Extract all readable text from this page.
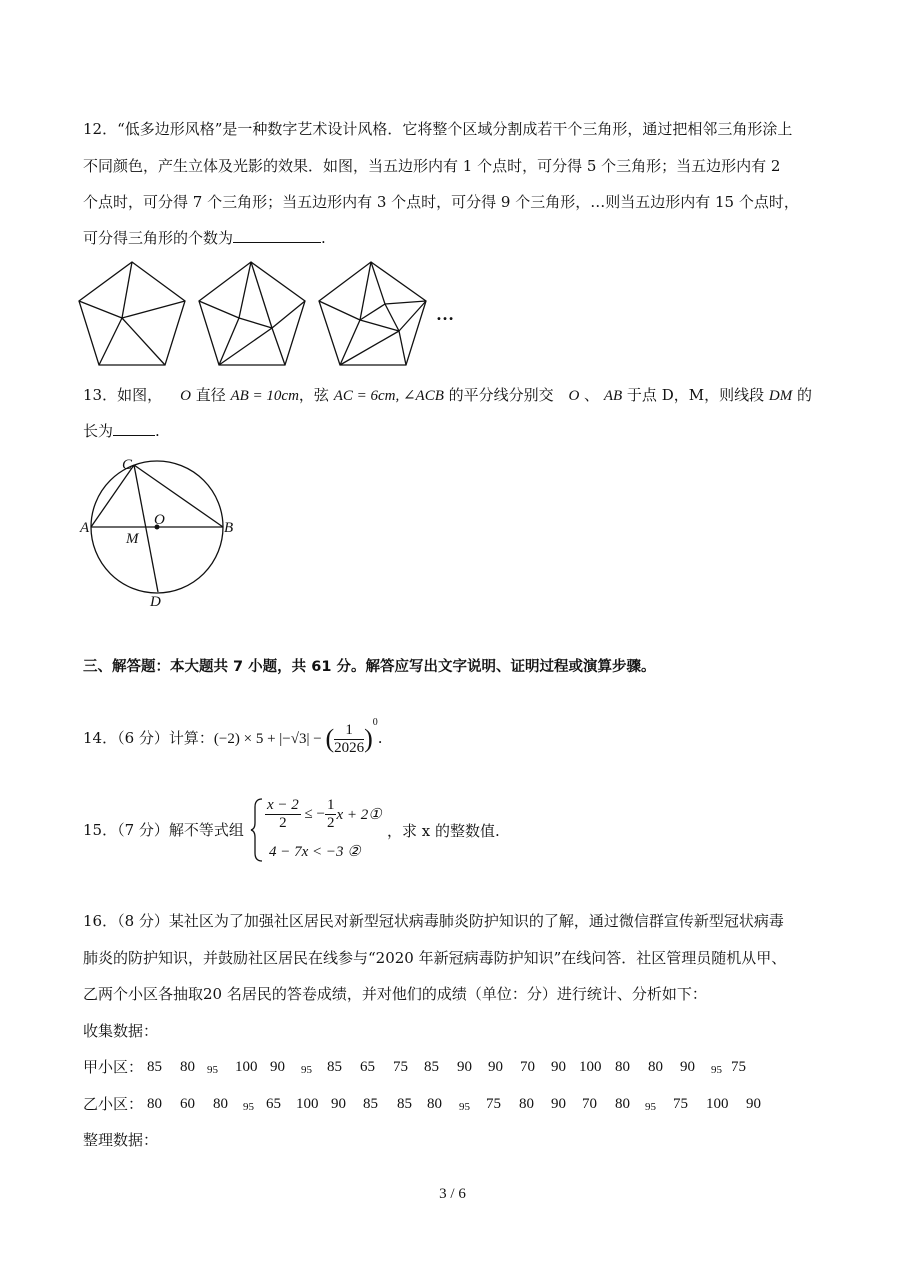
12．“低多边形风格”是一种数字艺术设计风格．它将整个区域分割成若干个三角形，通过把相邻三角形涂上
不同颜色，产生立体及光影的效果．如图，当五边形内有 1 个点时，可分得 5 个三角形；当五边形内有 2
个点时，可分得 7 个三角形；当五边形内有 3 个点时，可分得 9 个三角形，…则当五边形内有 15 个点时，
可分得三角形的个数为	.
…
13．如图， O 直径 AB = 10cm，弦 AC = 6cm, ∠ACB 的平分线分别交 O 、 AB 于点 D，M，则线段 DM 的
长为	.
C
A	B
O
M
D
三、解答题：本大题共 7 小题，共 61 分。解答应写出文字说明、证明过程或演算步骤。
14．（6 分）计算：(−2) × 5 + |−√3| − ( $\frac{1}{2026} )^0$.
15．（7 分）解不等式组 $\frac{x - 2}{2}$ ≤ − $\frac{1}{2}$ x + 2①
4 − 7x < −3 ②
，求 x 的整数值.
16．（8 分）某社区为了加强社区居民对新型冠状病毒肺炎防护知识的了解，通过微信群宣传新型冠状病毒
肺炎的防护知识，并鼓励社区居民在线参与“2020 年新冠病毒防护知识”在线问答．社区管理员随机从甲、
乙两个小区各抽取20 名居民的答卷成绩，并对他们的成绩（单位：分）进行统计、分析如下：
收集数据：
甲小区： 85 80 95 100 90 95 85 65 75 85 90 90 70 90 100 80 80 90 95 75
乙小区： 80 60 80 95 65 100 90 85 85 80 95 75 80 90 70 80 95 75 100 90
整理数据：
3 / 6
